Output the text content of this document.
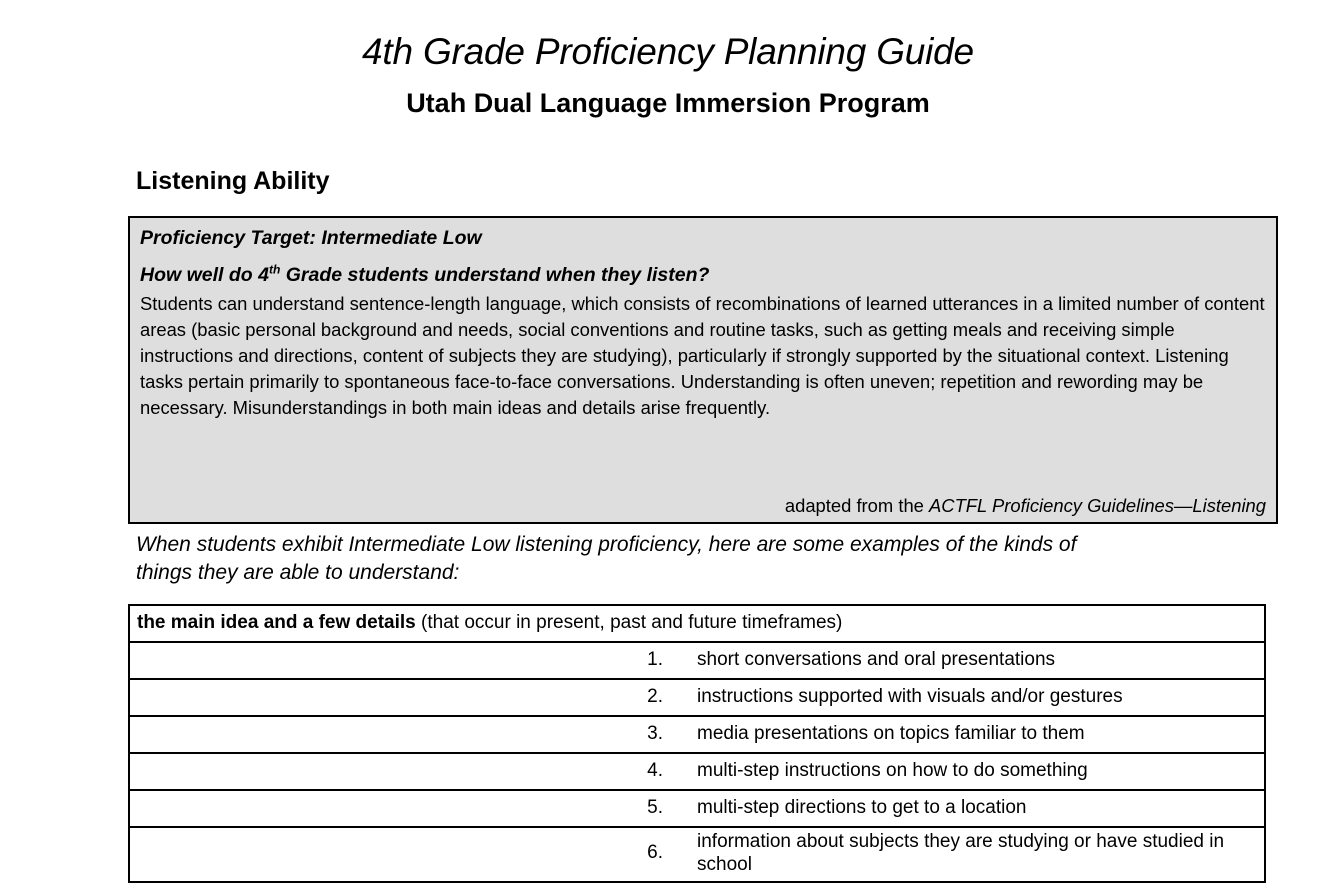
4th Grade Proficiency Planning Guide
Utah Dual Language Immersion Program
Listening Ability

Proficiency Target: Intermediate Low

How well do 4th Grade students understand when they listen?

Students can understand sentence-length language, which consists of recombinations of learned utterances in a limited number of content areas (basic personal background and needs, social conventions and routine tasks, such as getting meals and receiving simple instructions and directions, content of subjects they are studying), particularly if strongly supported by the situational context. Listening tasks pertain primarily to spontaneous face-to-face conversations. Understanding is often uneven; repetition and rewording may be necessary. Misunderstandings in both main ideas and details arise frequently.

adapted from the ACTFL Proficiency Guidelines—Listening

When students exhibit Intermediate Low listening proficiency, here are some examples of the kinds of things they are able to understand:

the main idea and a few details (that occur in present, past and future timeframes)	
1.	short conversations and oral presentations
2.	instructions supported with visuals and/or gestures
3.	media presentations on topics familiar to them
4.	multi-step instructions on how to do something
5.	multi-step directions to get to a location
6.	information about subjects they are studying or have studied in school
